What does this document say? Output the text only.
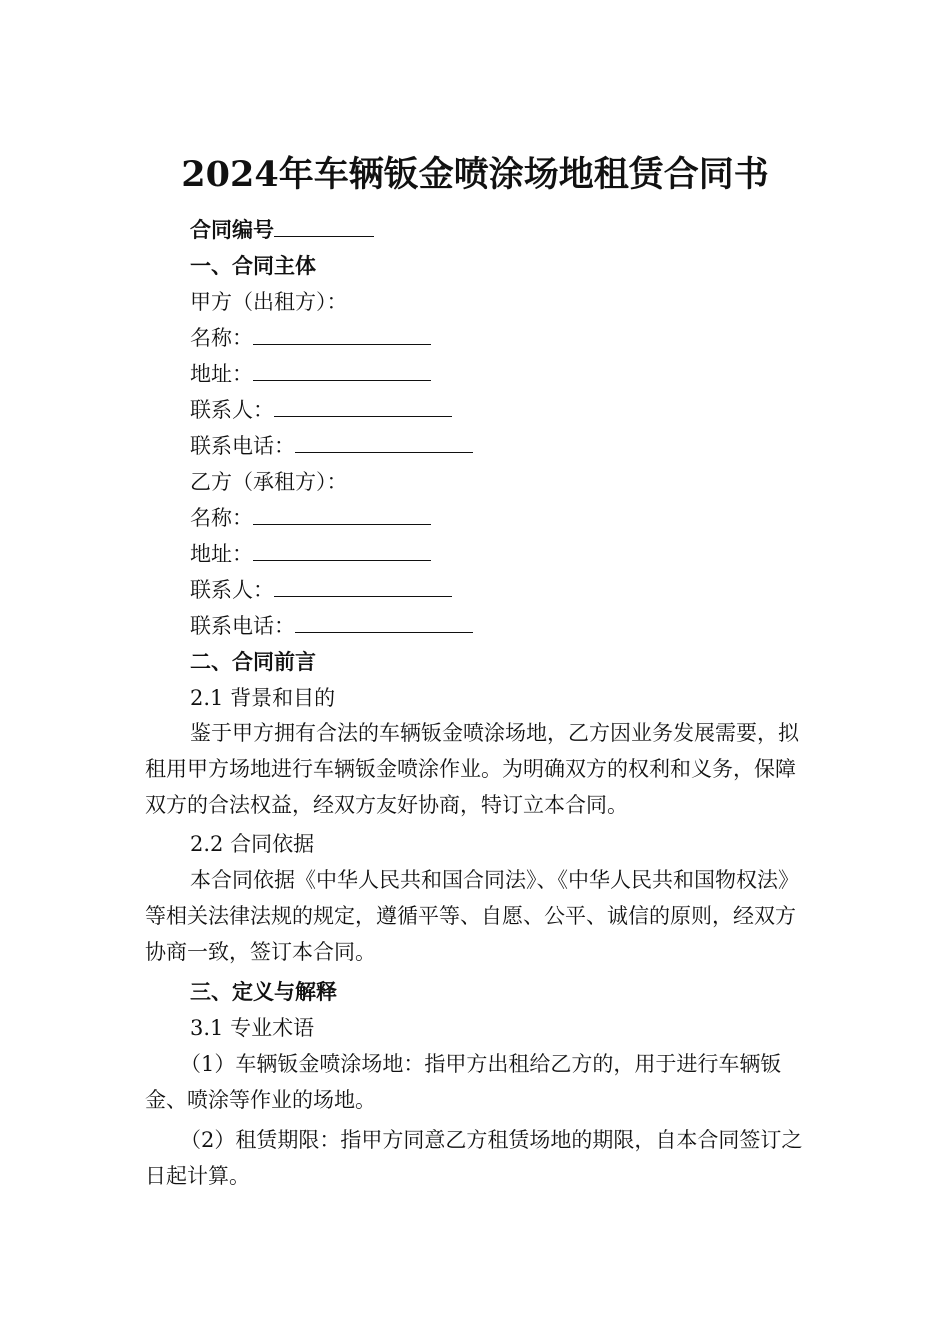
2024年车辆钣金喷涂场地租赁合同书
合同编号
一、合同主体
甲方（出租方）：
名称：
地址：
联系人：
联系电话：
乙方（承租方）：
名称：
地址：
联系人：
联系电话：
二、合同前言
2.1 背景和目的
鉴于甲方拥有合法的车辆钣金喷涂场地，乙方因业务发展需要，拟租用甲方场地进行车辆钣金喷涂作业。为明确双方的权利和义务，保障双方的合法权益，经双方友好协商，特订立本合同。
2.2 合同依据
本合同依据《中华人民共和国合同法》、《中华人民共和国物权法》等相关法律法规的规定，遵循平等、自愿、公平、诚信的原则，经双方协商一致，签订本合同。
三、定义与解释
3.1 专业术语
（1）车辆钣金喷涂场地：指甲方出租给乙方的，用于进行车辆钣金、喷涂等作业的场地。
（2）租赁期限：指甲方同意乙方租赁场地的期限，自本合同签订之日起计算。
